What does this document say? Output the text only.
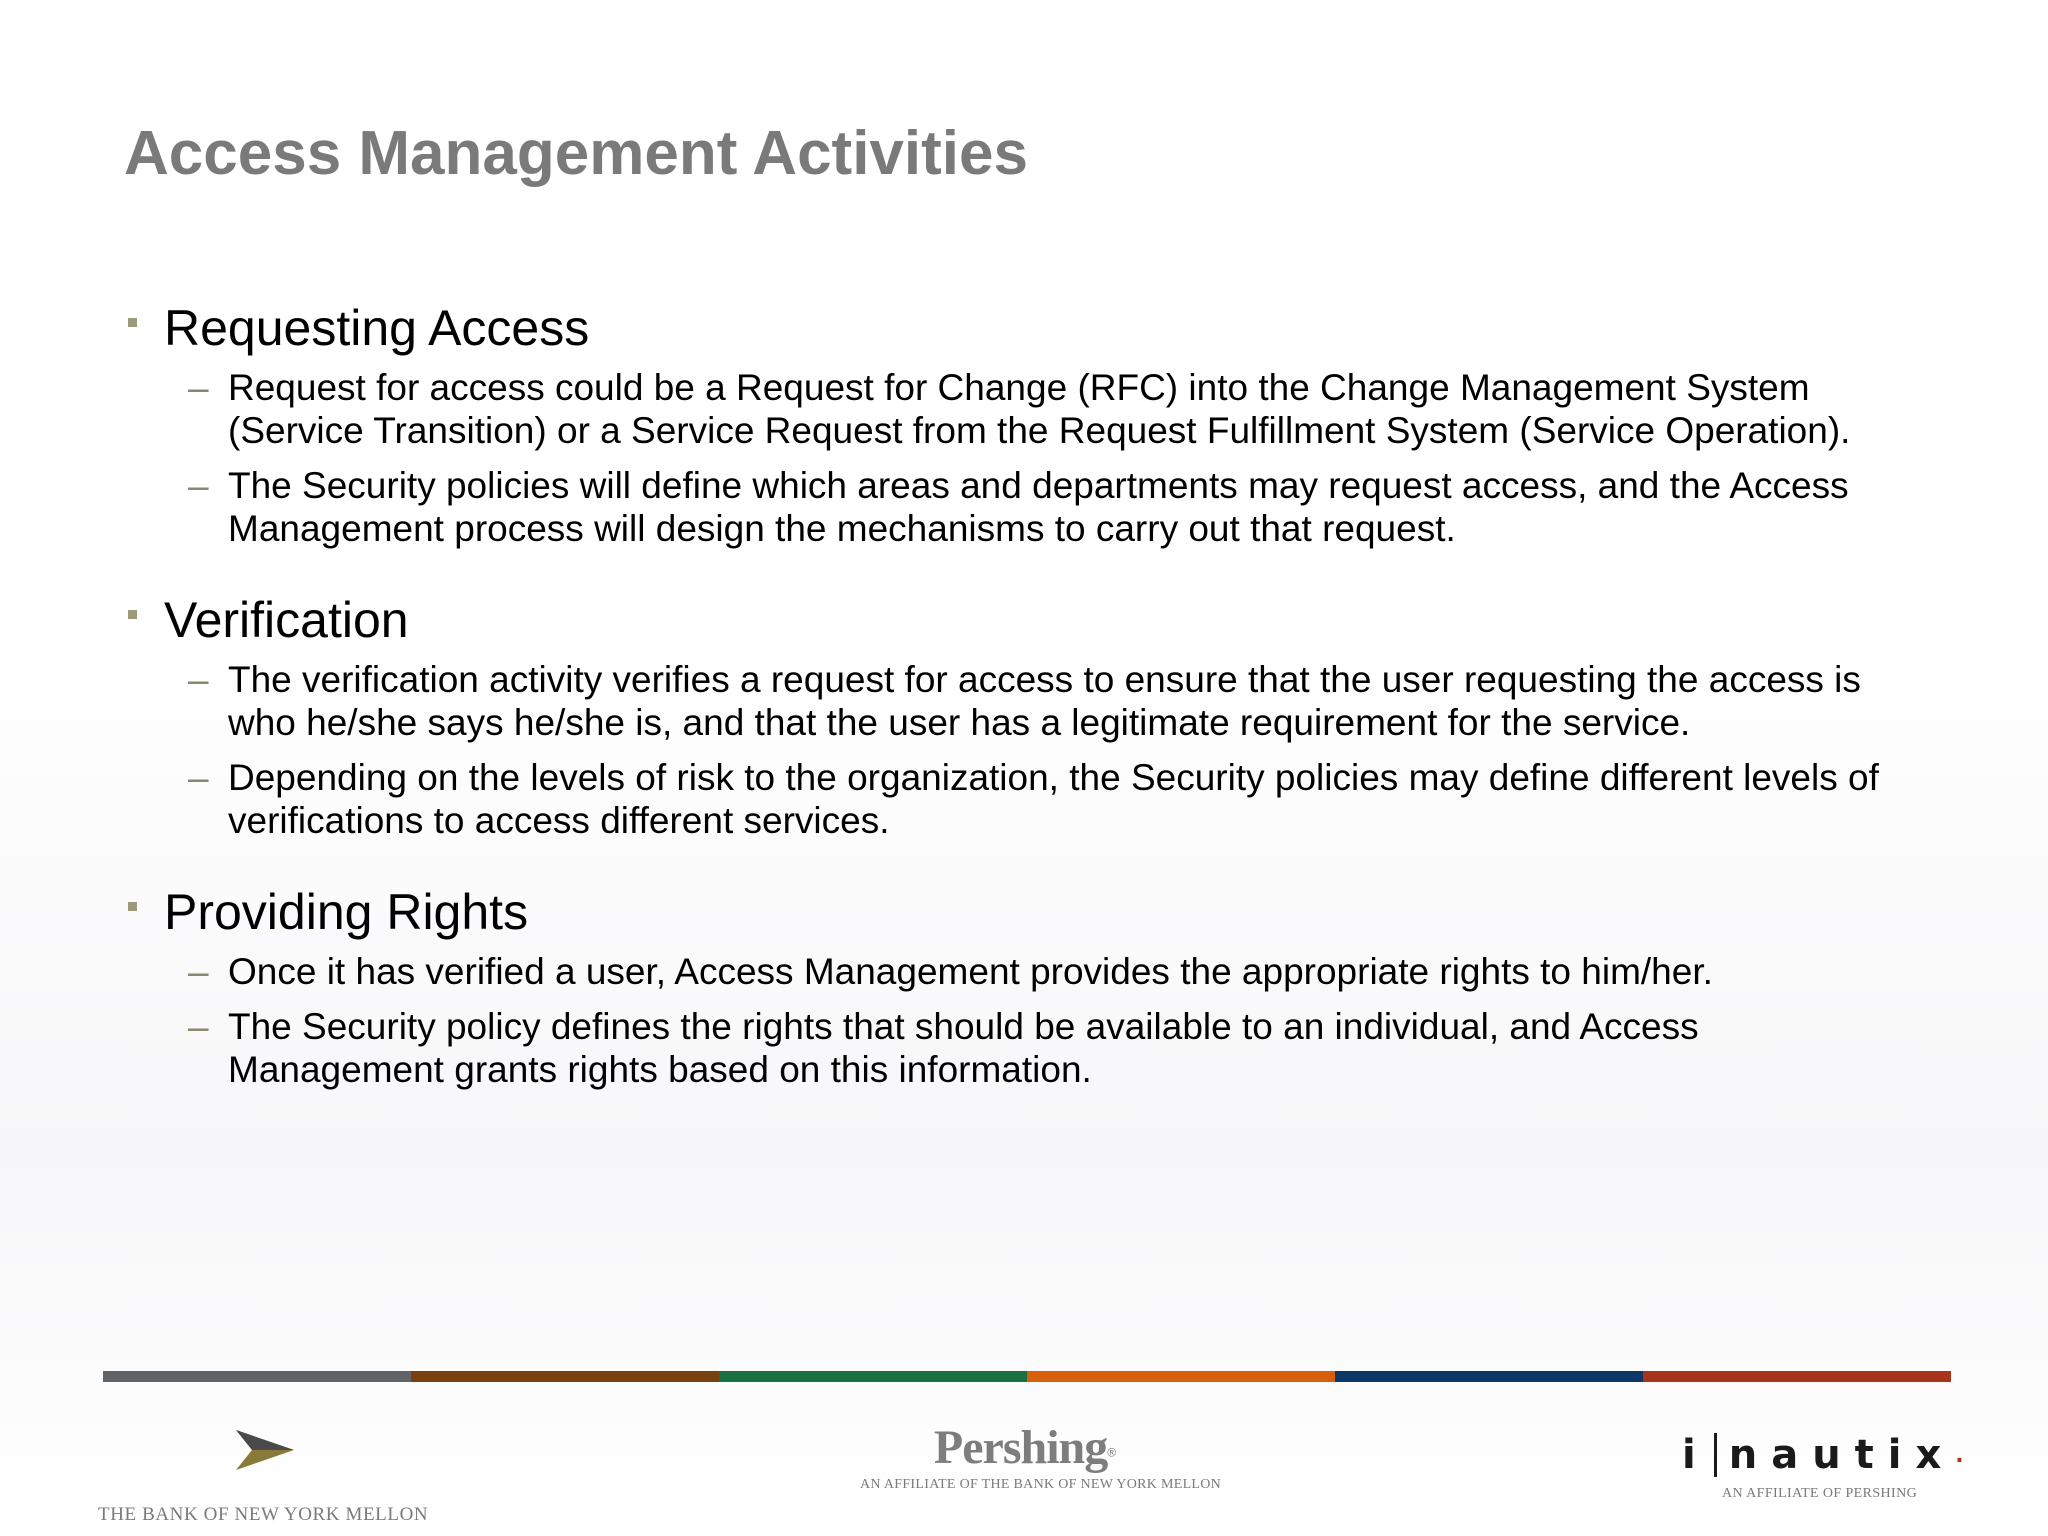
Access Management Activities
Requesting Access
– Request for access could be a Request for Change (RFC) into the Change Management System (Service Transition) or a Service Request from the Request Fulfillment System (Service Operation).
– The Security policies will define which areas and departments may request access, and the Access Management process will design the mechanisms to carry out that request.
Verification
– The verification activity verifies a request for access to ensure that the user requesting the access is who he/she says he/she is, and that the user has a legitimate requirement for the service.
– Depending on the levels of risk to the organization, the Security policies may define different levels of verifications to access different services.
Providing Rights
– Once it has verified a user, Access Management provides the appropriate rights to him/her.
– The Security policy defines the rights that should be available to an individual, and Access Management grants rights based on this information.
THE BANK OF NEW YORK MELLON
Pershing®
AN AFFILIATE OF THE BANK OF NEW YORK MELLON
i nautix .
AN AFFILIATE OF PERSHING
